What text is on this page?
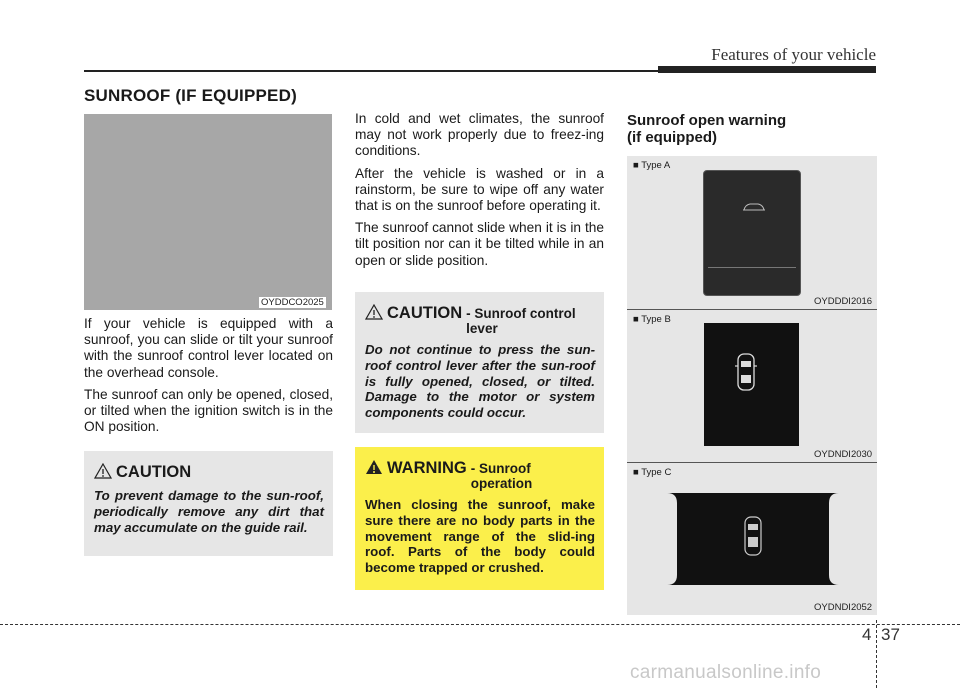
Features of your vehicle
SUNROOF (IF EQUIPPED)
OYDDCO2025

If your vehicle is equipped with a sunroof, you can slide or tilt your sunroof with the sunroof control lever located on the overhead console.

The sunroof can only be opened, closed, or tilted when the ignition switch is in the ON position.

CAUTION
To prevent damage to the sun-roof, periodically remove any dirt that may accumulate on the guide rail.

In cold and wet climates, the sunroof may not work properly due to freez-ing conditions.

After the vehicle is washed or in a rainstorm, be sure to wipe off any water that is on the sunroof before operating it.

The sunroof cannot slide when it is in the tilt position nor can it be tilted while in an open or slide position.

CAUTION - Sunroof control lever
Do not continue to press the sun-roof control lever after the sun-roof is fully opened, closed, or tilted. Damage to the motor or system components could occur.
WARNING - Sunroof operation
When closing the sunroof, make sure there are no body parts in the movement range of the slid-ing roof. Parts of the body could become trapped or crushed.
Sunroof open warning
(if equipped)
■ Type A
OYDDDI2016
■ Type B
OYDNDI2030
■ Type C
OYDNDI2052
4 37
carmanualsonline.info
